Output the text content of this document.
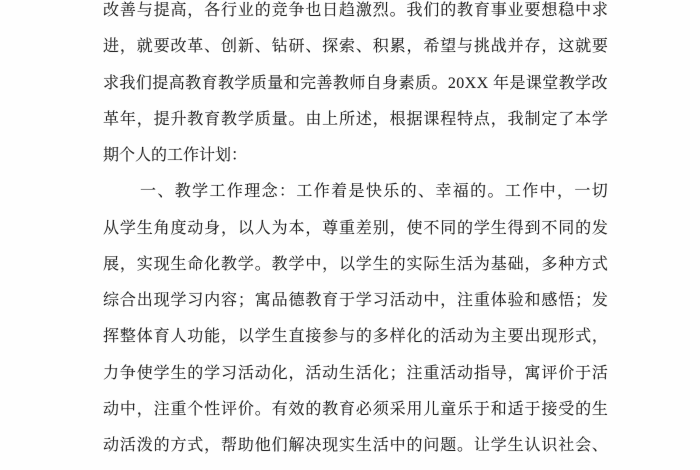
改 善 与 提 高 ， 各 行 业 的 竞 争 也 日 趋 激 烈 。 我 们 的 教 育 事 业 要 想 稳 中 求
进 ， 就 要 改 革 、 创 新 、 钻 研 、 探 索 、 积 累 ， 希 望 与 挑 战 并 存 ， 这 就 要
求 我 们 提 高 教 育 教 学 质 量 和 完 善 教 师 自 身 素 质 。 2 0 X X
年 是 课 堂 教 学 改
革 年 ， 提 升 教 育 教 学 质 量 。 由 上 所 述 ， 根 据 课 程 特 点 ， 我 制 定 了 本 学
期个人的工作计划：
一 、 教 学 工 作 理 念 ： 工 作 着 是 快 乐 的 、 幸 福 的 。 工 作 中 ， 一 切
从 学 生 角 度 动 身 ， 以 人 为 本 ， 尊 重 差 别 ， 使 不 同 的 学 生 得 到 不 同 的 发
展 ， 实 现 生 命 化 教 学 。 教 学 中 ， 以 学 生 的 实 际 生 活 为 基 础 ， 多 种 方 式
综 合 出 现 学 习 内 容 ； 寓 品 德 教 育 于 学 习 活 动 中 ， 注 重 体 验 和 感 悟 ； 发
挥 整 体 育 人 功 能 ， 以 学 生 直 接 参 与 的 多 样 化 的 活 动 为 主 要 出 现 形 式 ，
力 争 使 学 生 的 学 习 活 动 化 ， 活 动 生 活 化 ； 注 重 活 动 指 导 ， 寓 评 价 于 活
动 中 ， 注 重 个 性 评 价 。 有 效 的 教 育 必 须 采 用 儿 童 乐 于 和 适 于 接 受 的 生
动 活 泼 的 方 式 ， 帮 助 他 们 解 决 现 实 生 活 中 的 问 题 。 让 学 生 认 识 社 会 、
